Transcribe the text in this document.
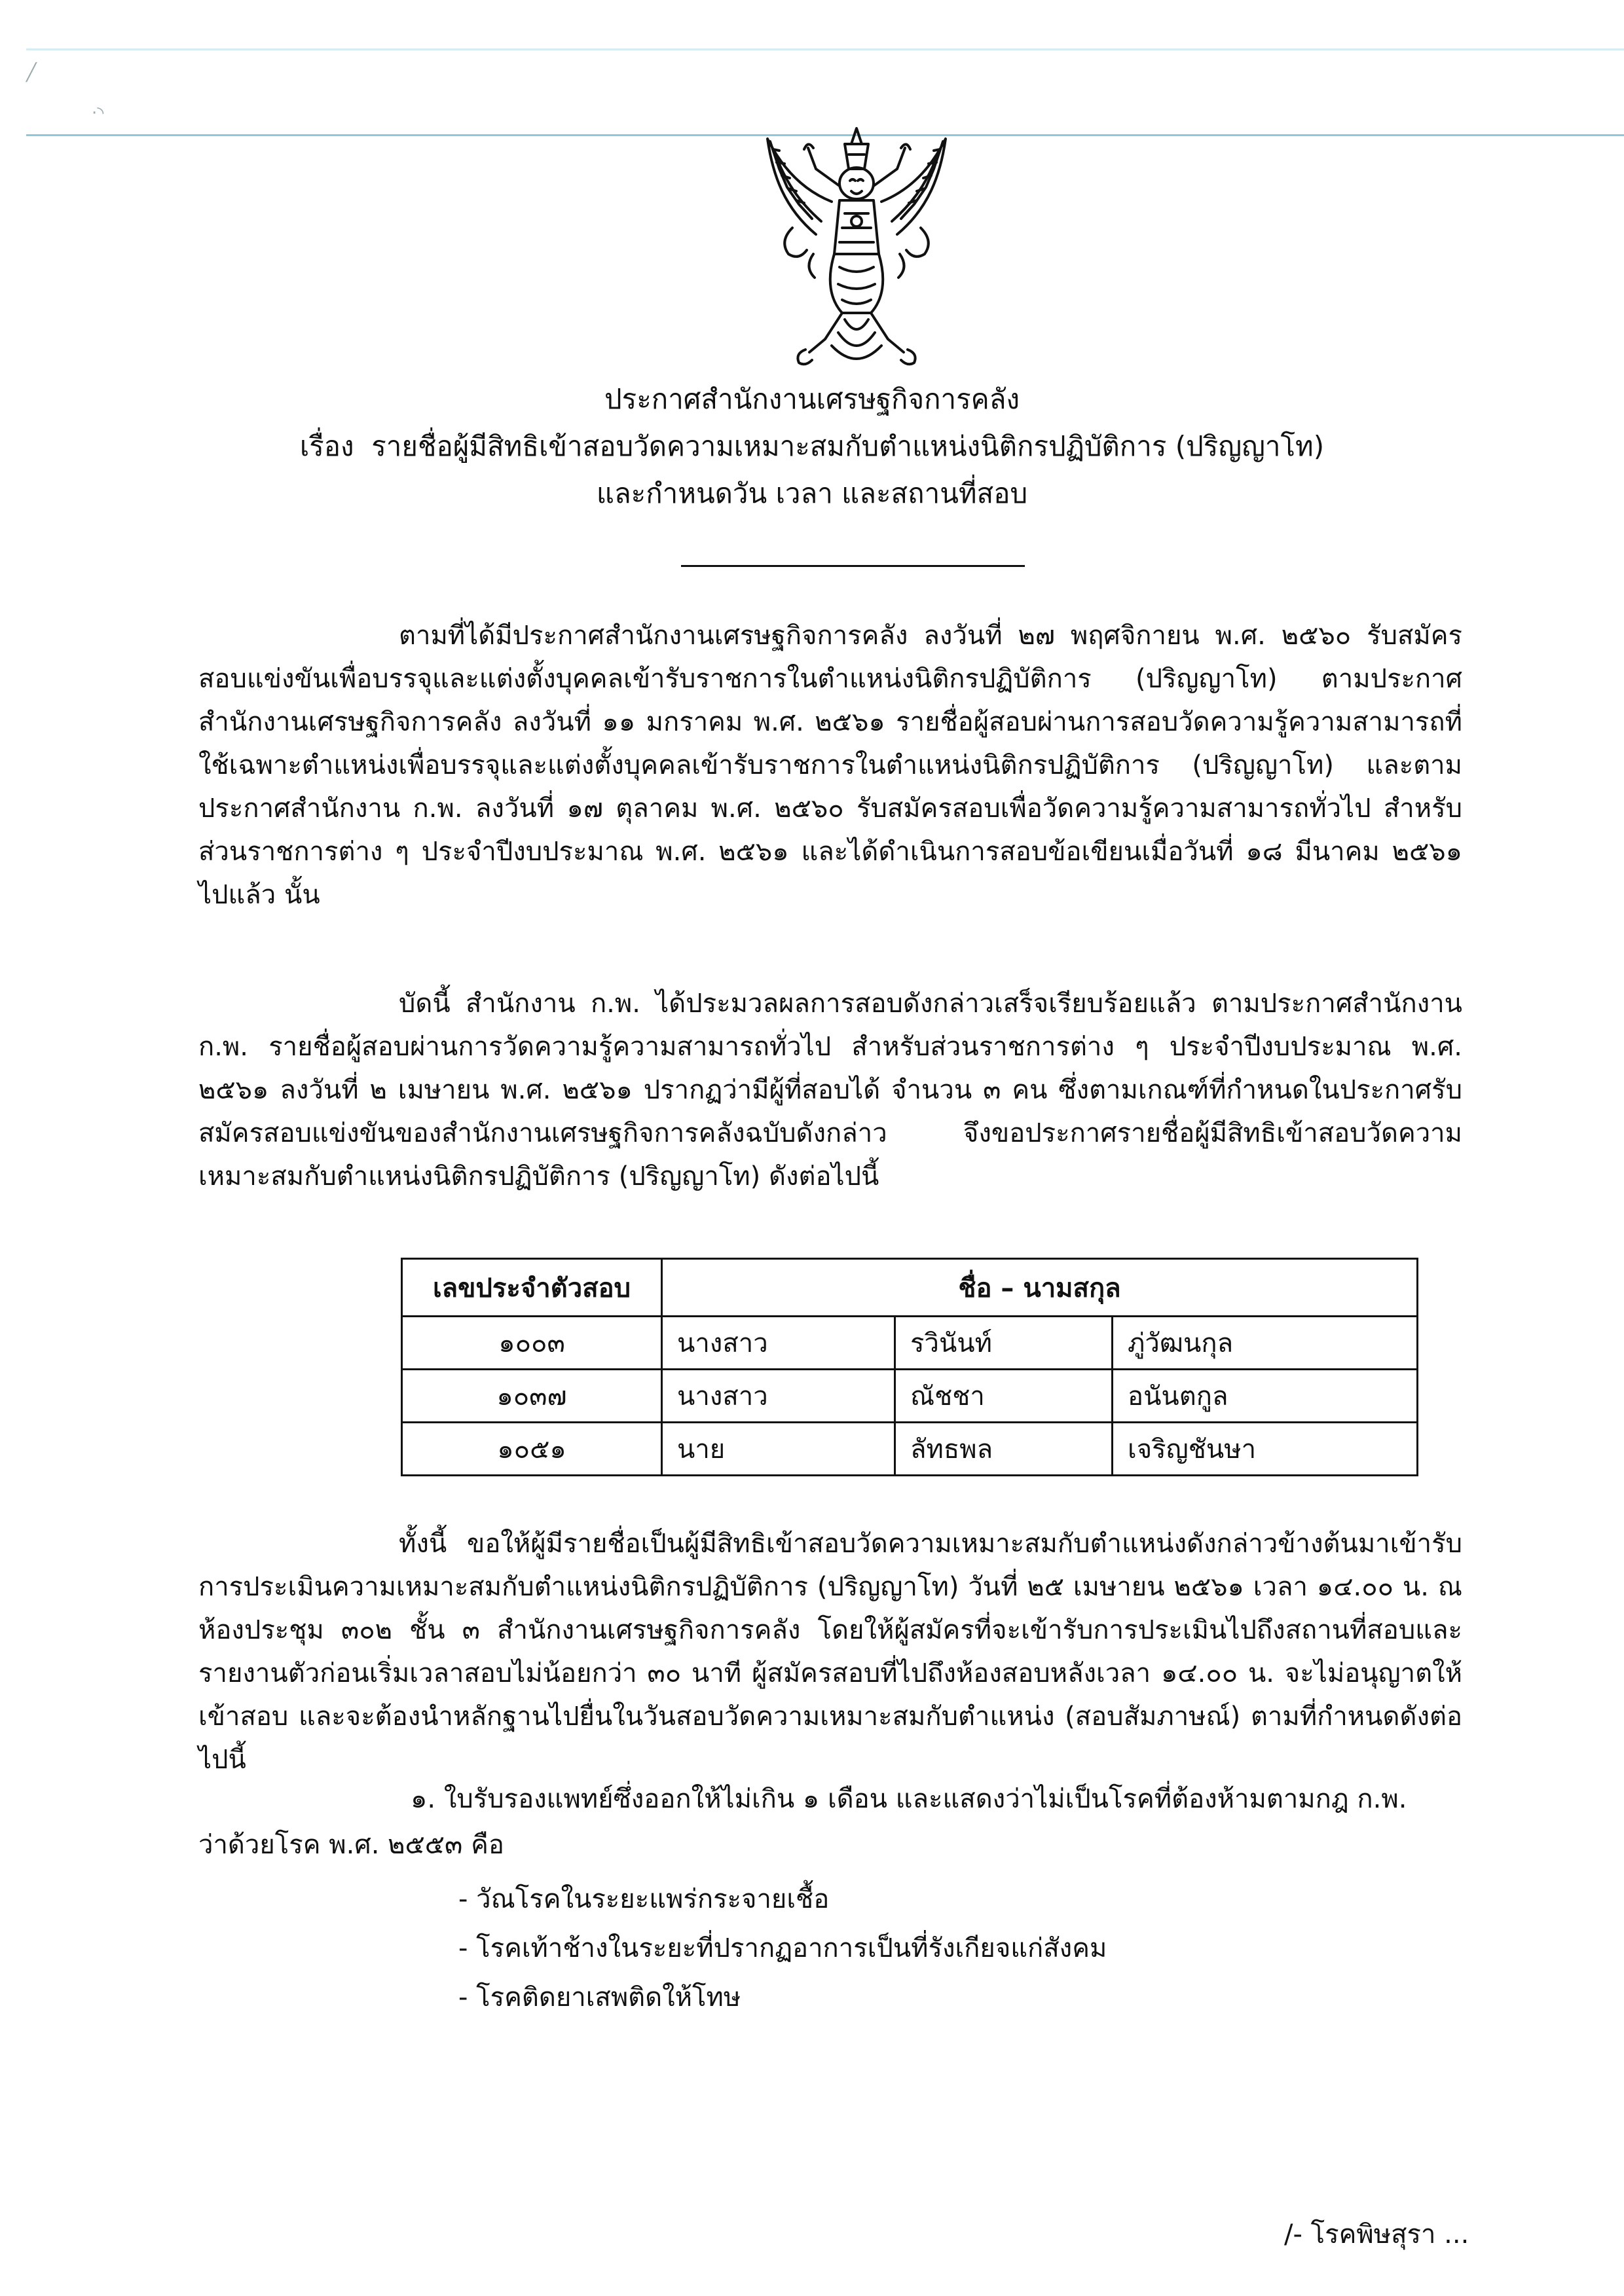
╱
·◝
ประกาศสำนักงานเศรษฐกิจการคลัง
เรื่อง รายชื่อผู้มีสิทธิเข้าสอบวัดความเหมาะสมกับตำแหน่งนิติกรปฏิบัติการ (ปริญญาโท)
และกำหนดวัน เวลา และสถานที่สอบ

ตามที่ได้มีประกาศสำนักงานเศรษฐกิจการคลัง ลงวันที่ ๒๗ พฤศจิกายน พ.ศ. ๒๕๖๐ รับสมัครสอบแข่งขันเพื่อบรรจุและแต่งตั้งบุคคลเข้ารับราชการในตำแหน่งนิติกรปฏิบัติการ (ปริญญาโท) ตามประกาศสำนักงานเศรษฐกิจการคลัง ลงวันที่ ๑๑ มกราคม พ.ศ. ๒๕๖๑ รายชื่อผู้สอบผ่านการสอบวัดความรู้ความสามารถที่ใช้เฉพาะตำแหน่งเพื่อบรรจุและแต่งตั้งบุคคลเข้ารับราชการในตำแหน่งนิติกรปฏิบัติการ (ปริญญาโท) และตามประกาศสำนักงาน ก.พ. ลงวันที่ ๑๗ ตุลาคม พ.ศ. ๒๕๖๐ รับสมัครสอบเพื่อวัดความรู้ความสามารถทั่วไป สำหรับส่วนราชการต่าง ๆ ประจำปีงบประมาณ พ.ศ. ๒๕๖๑ และได้ดำเนินการสอบข้อเขียนเมื่อวันที่ ๑๘ มีนาคม ๒๕๖๑ ไปแล้ว นั้น

บัดนี้ สำนักงาน ก.พ. ได้ประมวลผลการสอบดังกล่าวเสร็จเรียบร้อยแล้ว ตามประกาศสำนักงาน ก.พ. รายชื่อผู้สอบผ่านการวัดความรู้ความสามารถทั่วไป สำหรับส่วนราชการต่าง ๆ ประจำปีงบประมาณ พ.ศ. ๒๕๖๑ ลงวันที่ ๒ เมษายน พ.ศ. ๒๕๖๑ ปรากฏว่ามีผู้ที่สอบได้ จำนวน ๓ คน ซึ่งตามเกณฑ์ที่กำหนดในประกาศรับสมัครสอบแข่งขันของสำนักงานเศรษฐกิจการคลังฉบับดังกล่าว จึงขอประกาศรายชื่อผู้มีสิทธิเข้าสอบวัดความเหมาะสมกับตำแหน่งนิติกรปฏิบัติการ (ปริญญาโท) ดังต่อไปนี้

เลขประจำตัวสอบ	ชื่อ – นามสกุล		
๑๐๐๓	นางสาว	รวินันท์	ภู่วัฒนกุล
๑๐๓๗	นางสาว	ณัชชา	อนันตกูล
๑๐๕๑	นาย	ลัทธพล	เจริญชันษา

ทั้งนี้ ขอให้ผู้มีรายชื่อเป็นผู้มีสิทธิเข้าสอบวัดความเหมาะสมกับตำแหน่งดังกล่าวข้างต้นมาเข้ารับการประเมินความเหมาะสมกับตำแหน่งนิติกรปฏิบัติการ (ปริญญาโท) วันที่ ๒๕ เมษายน ๒๕๖๑ เวลา ๑๔.๐๐ น. ณ ห้องประชุม ๓๐๒ ชั้น ๓ สำนักงานเศรษฐกิจการคลัง โดยให้ผู้สมัครที่จะเข้ารับการประเมินไปถึงสถานที่สอบและรายงานตัวก่อนเริ่มเวลาสอบไม่น้อยกว่า ๓๐ นาที ผู้สมัครสอบที่ไปถึงห้องสอบหลังเวลา ๑๔.๐๐ น. จะไม่อนุญาตให้เข้าสอบ และจะต้องนำหลักฐานไปยื่นในวันสอบวัดความเหมาะสมกับตำแหน่ง (สอบสัมภาษณ์) ตามที่กำหนดดังต่อไปนี้

๑. ใบรับรองแพทย์ซึ่งออกให้ไม่เกิน ๑ เดือน และแสดงว่าไม่เป็นโรคที่ต้องห้ามตามกฎ ก.พ.
ว่าด้วยโรค พ.ศ. ๒๕๕๓ คือ
- วัณโรคในระยะแพร่กระจายเชื้อ
- โรคเท้าช้างในระยะที่ปรากฏอาการเป็นที่รังเกียจแก่สังคม
- โรคติดยาเสพติดให้โทษ
/- โรคพิษสุรา ...
